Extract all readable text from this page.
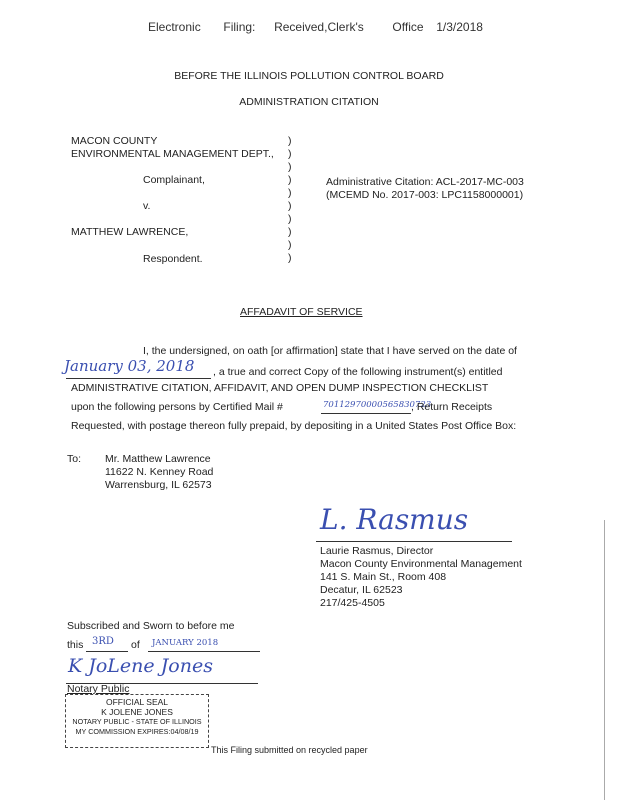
Electronic Filing: Received,Clerk's Office 1/3/2018
BEFORE THE ILLINOIS POLLUTION CONTROL BOARD
ADMINISTRATION CITATION
MACON COUNTY
ENVIRONMENTAL MANAGEMENT DEPT.,
Complainant,
v.
MATTHEW LAWRENCE,
Respondent.
)
)
)
)
)
)
)
)
)
)
Administrative Citation: ACL-2017-MC-003
(MCEMD No. 2017-003: LPC1158000001)
AFFADAVIT OF SERVICE
I, the undersigned, on oath [or affirmation] state that I have served on the date of
January 03, 2018 , a true and correct Copy of the following instrument(s) entitled
ADMINISTRATIVE CITATION, AFFIDAVIT, AND OPEN DUMP INSPECTION CHECKLIST
upon the following persons by Certified Mail #	70112970000565830723
, Return Receipts
Requested, with postage thereon fully prepaid, by depositing in a United States Post Office Box:
To: Mr. Matthew Lawrence
11622 N. Kenney Road
Warrensburg, IL 62573
L. Rasmus
Laurie Rasmus, Director
Macon County Environmental Management
141 S. Main St., Room 408
Decatur, IL 62523
217/425-4505
Subscribed and Sworn to before me
this 3RD of JANUARY 2018
K JoLene Jones
Notary Public
OFFICIAL SEAL
K JOLENE JONES
NOTARY PUBLIC - STATE OF ILLINOIS
MY COMMISSION EXPIRES:04/08/19
This Filing submitted on recycled paper
